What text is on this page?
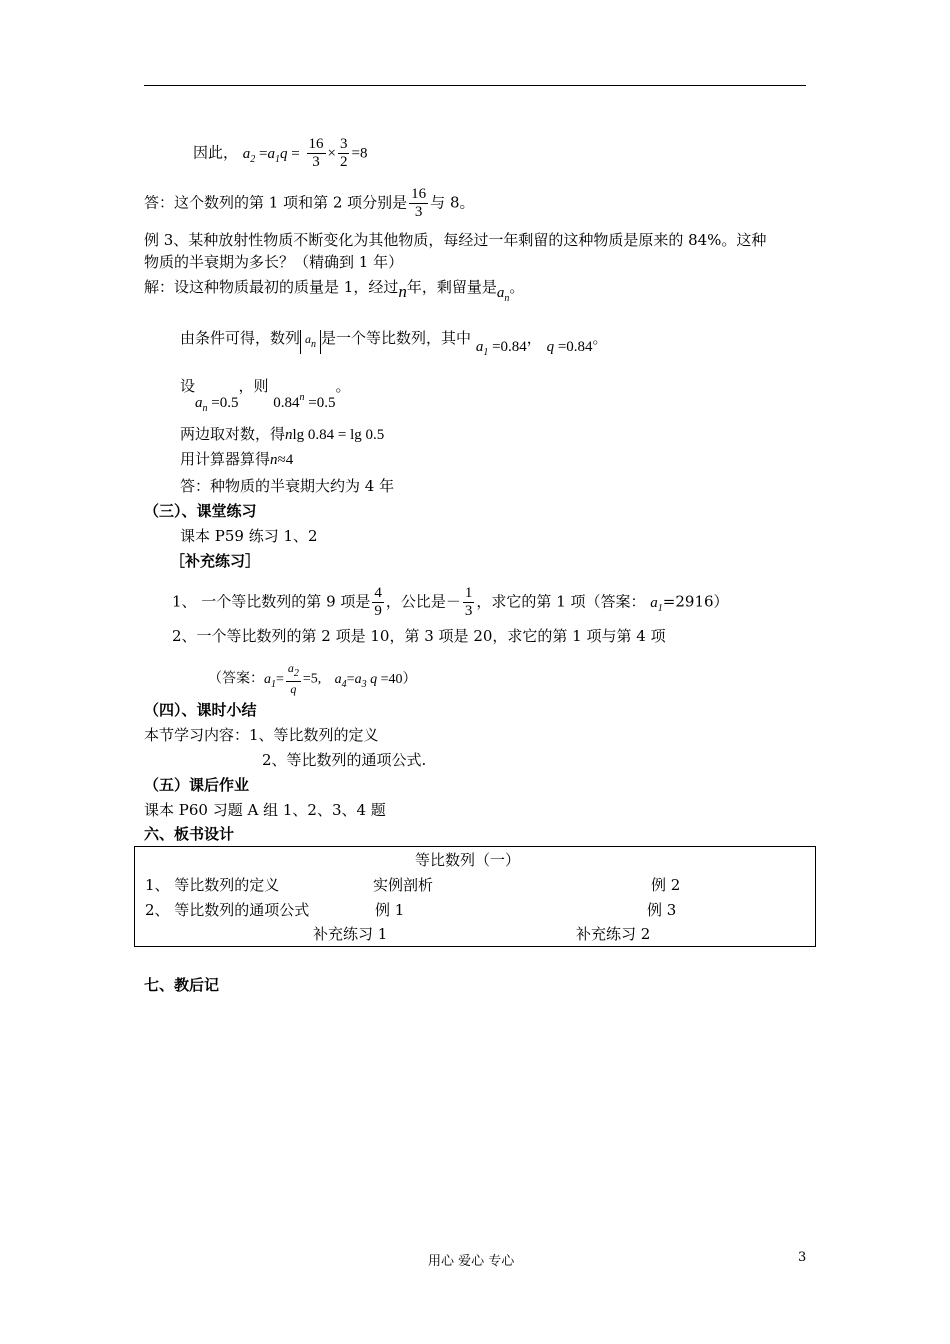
因此， $a_2 =a_1q = \frac{16}{3} \times \frac{3}{2} =8$
答：这个数列的第 1 项和第 2 项分别是 $\frac{16}{3}$ 与 8。
例 3、某种放射性物质不断变化为其他物质，每经过一年剩留的这种物质是原来的 84%。这种
物质的半衰期为多长？（精确到 1 年）
解：设这种物质最初的质量是 1，经过n年，剩留量是$a_n$。
由条件可得，数列 $a_n$ 是一个等比数列，其中 $a_1 =0.84$， q =0.84。
设$a_n =0.5$，则 $0.84^n =0.5$。
两边取对数，得nlg 0.84 = lg 0.5
用计算器算得n≈4
答：种物质的半衰期大约为 4 年
（三）、课堂练习
课本 P59 练习 1、2
［补充练习］
1、 一个等比数列的第 9 项是 $\frac{4}{9}$ ，公比是－ $\frac{1}{3}$ ，求它的第 1 项（答案： $a_1=2916$）
2、一个等比数列的第 2 项是 10，第 3 项是 20，求它的第 1 项与第 4 项
（答案：$a_1= \frac{a_2}{q} =5$, $a_4=a_3$ q =40）
（四）、课时小结
本节学习内容：1、等比数列的定义
2、等比数列的通项公式.
（五）课后作业
课本 P60 习题 A 组 1、2、3、4 题
六、板书设计
等比数列（一）
1、 等比数列的定义	实例剖析	例 2
2、 等比数列的通项公式	例 1	例 3
补充练习 1	补充练习 2
七、教后记
用心 爱心 专心	3
